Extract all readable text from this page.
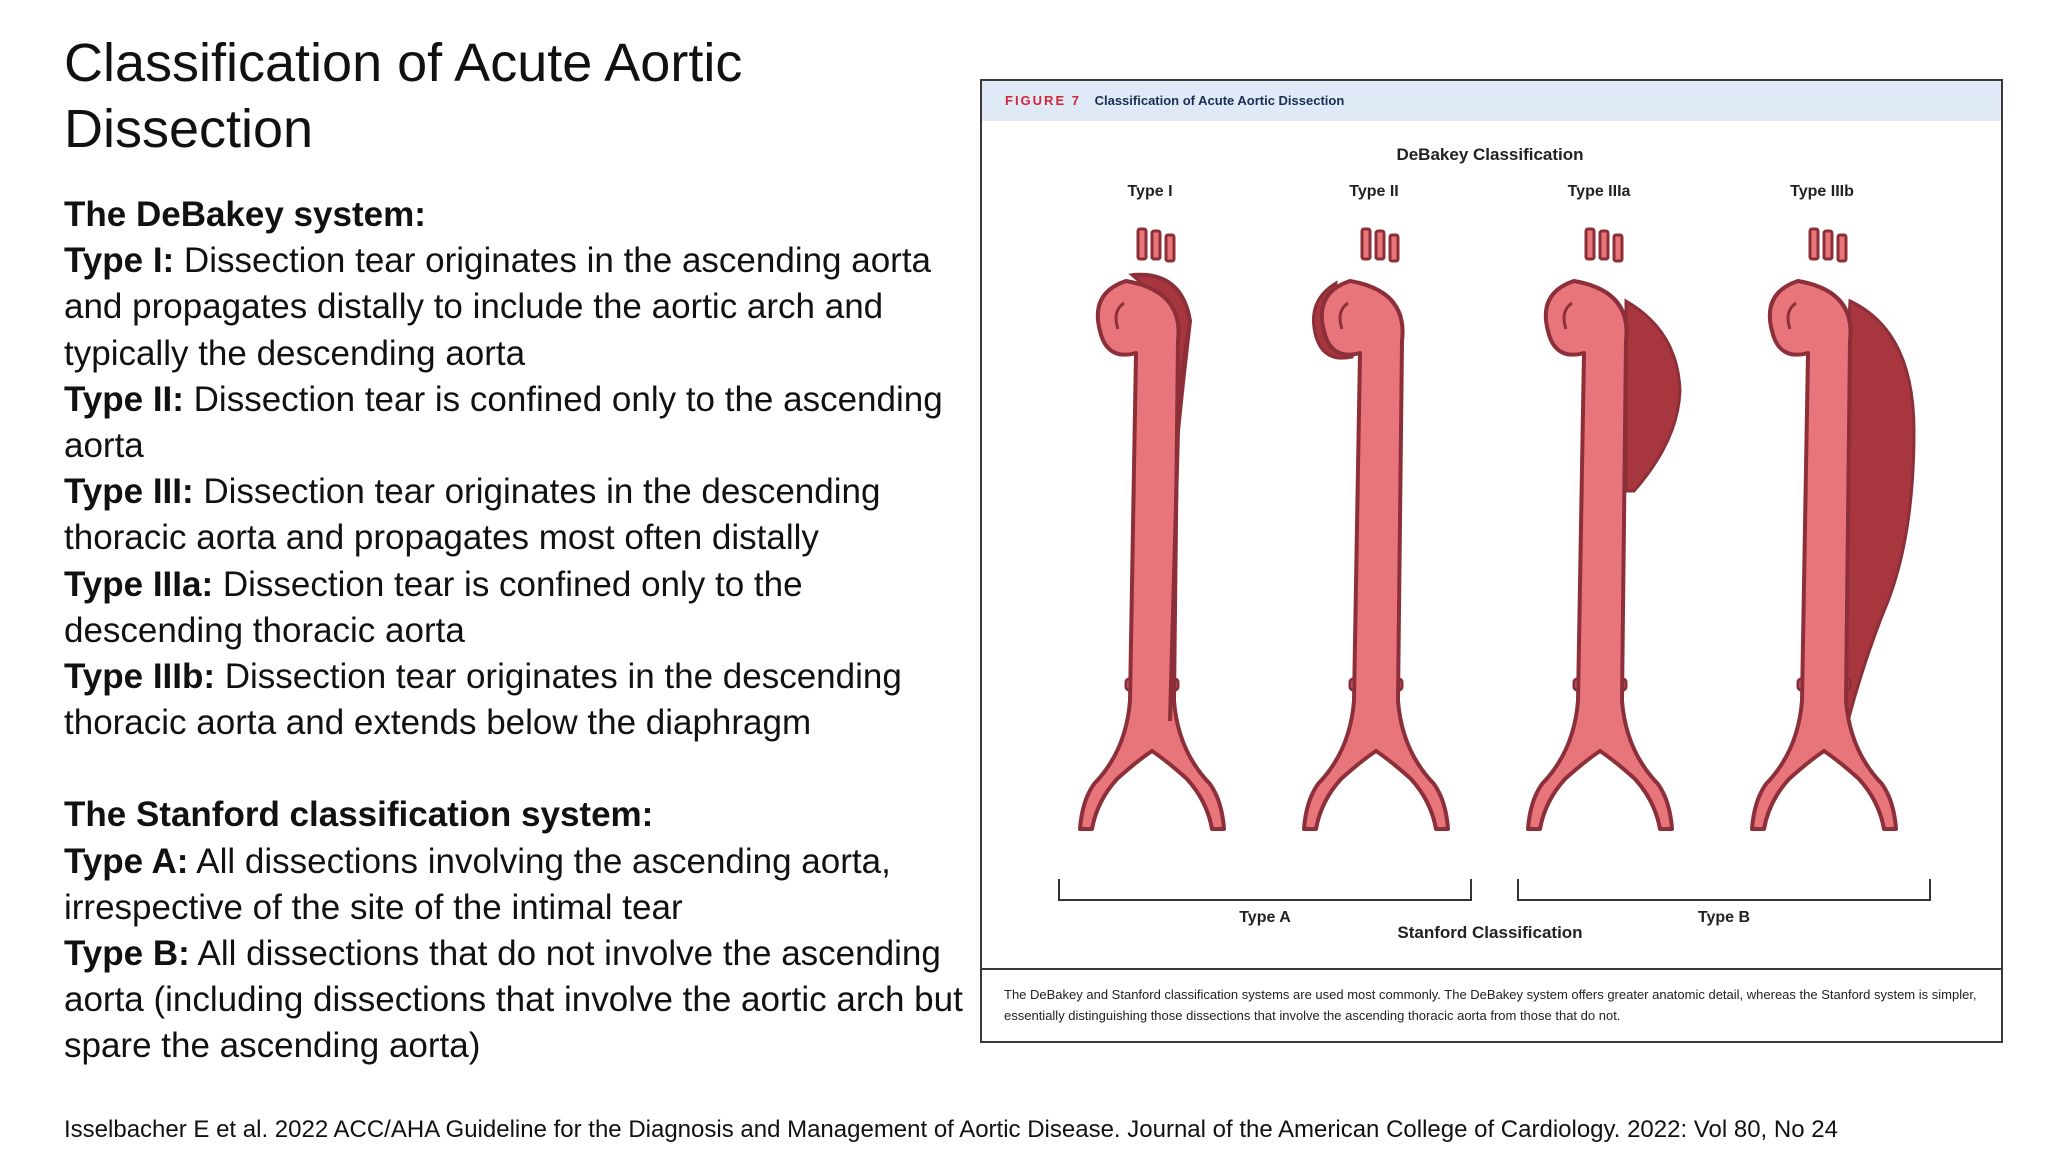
Classification of Acute Aortic Dissection

The DeBakey system:

Type I: Dissection tear originates in the ascending aorta and propagates distally to include the aortic arch and typically the descending aorta

Type II: Dissection tear is confined only to the ascending aorta

Type III: Dissection tear originates in the descending thoracic aorta and propagates most often distally

Type IIIa: Dissection tear is confined only to the descending thoracic aorta

Type IIIb: Dissection tear originates in the descending thoracic aorta and extends below the diaphragm

The Stanford classification system:

Type A: All dissections involving the ascending aorta, irrespective of the site of the intimal tear

Type B: All dissections that do not involve the ascending aorta (including dissections that involve the aortic arch but spare the ascending aorta)

FIGURE 7 Classification of Acute Aortic Dissection
DeBakey Classification
Type I	Type II	Type IIIa	Type IIIb
Type A	Type B
Stanford Classification
The DeBakey and Stanford classification systems are used most commonly. The DeBakey system offers greater anatomic detail, whereas the Stanford system is simpler, essentially distinguishing those dissections that involve the ascending thoracic aorta from those that do not.
Isselbacher E et al. 2022 ACC/AHA Guideline for the Diagnosis and Management of Aortic Disease. Journal of the American College of Cardiology. 2022: Vol 80, No 24
